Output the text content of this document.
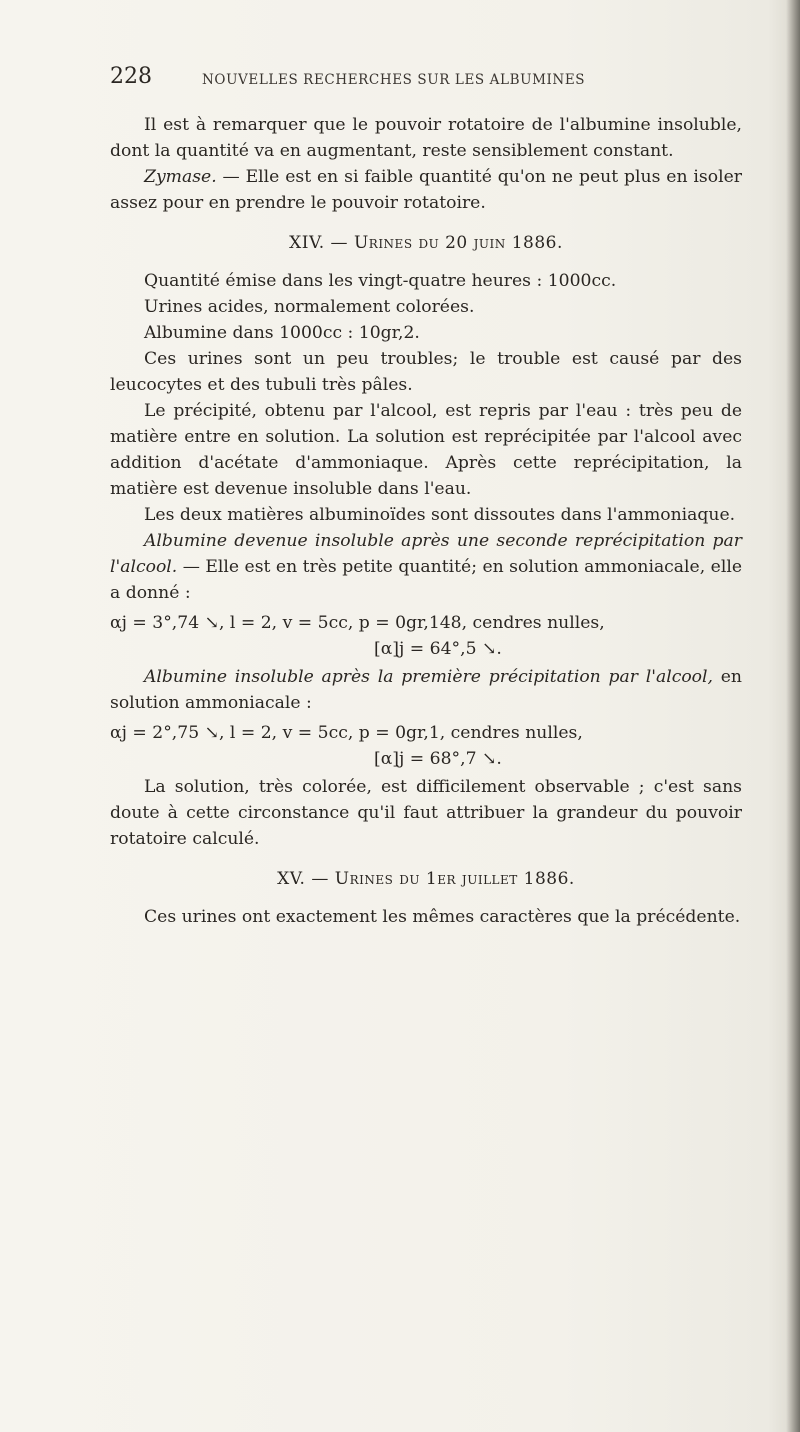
228	NOUVELLES RECHERCHES SUR LES ALBUMINES

Il est à remarquer que le pouvoir rotatoire de l'albumine insoluble, dont la quantité va en augmentant, reste sensiblement constant.

Zymase. — Elle est en si faible quantité qu'on ne peut plus en isoler assez pour en prendre le pouvoir rotatoire.

XIV. — Urines du 20 juin 1886.

Quantité émise dans les vingt-quatre heures : 1000cc.

Urines acides, normalement colorées.

Albumine dans 1000cc : 10gr,2.

Ces urines sont un peu troubles; le trouble est causé par des leucocytes et des tubuli très pâles.

Le précipité, obtenu par l'alcool, est repris par l'eau : très peu de matière entre en solution. La solution est reprécipitée par l'alcool avec addition d'acétate d'ammoniaque. Après cette reprécipitation, la matière est devenue insoluble dans l'eau.

Les deux matières albuminoïdes sont dissoutes dans l'ammoniaque.

Albumine devenue insoluble après une seconde reprécipitation par l'alcool. — Elle est en très petite quantité; en solution ammoniacale, elle a donné :

αj = 3°,74 ↘, l = 2, v = 5cc, p = 0gr,148, cendres nulles,

[α]j = 64°,5 ↘.

Albumine insoluble après la première précipitation par l'alcool, en solution ammoniacale :

αj = 2°,75 ↘, l = 2, v = 5cc, p = 0gr,1, cendres nulles,

[α]j = 68°,7 ↘.

La solution, très colorée, est difficilement observable ; c'est sans doute à cette circonstance qu'il faut attribuer la grandeur du pouvoir rotatoire calculé.

XV. — Urines du 1er juillet 1886.

Ces urines ont exactement les mêmes caractères que la précédente.
